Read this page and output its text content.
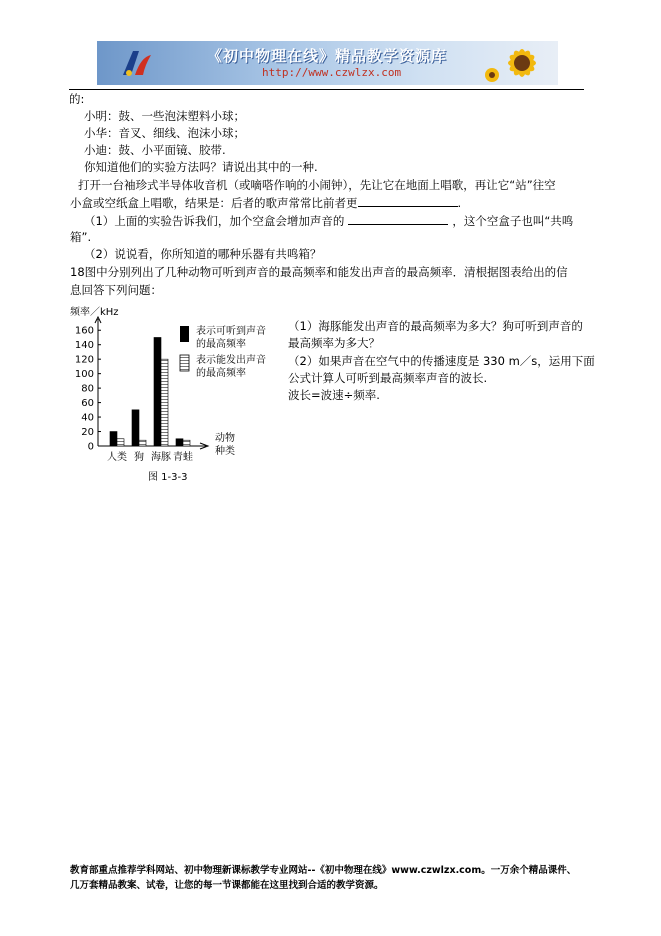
《初中物理在线》精品教学资源库
http://www.czwlzx.com
的:
小明：鼓、一些泡沫塑料小球；
小华：音叉、细线、泡沫小球；
小迪：鼓、小平面镜、胶带.
你知道他们的实验方法吗？请说出其中的一种.
打开一台袖珍式半导体收音机（或嘀嗒作响的小闹钟），先让它在地面上唱歌，再让它“站”往空
小盒或空纸盒上唱歌，结果是：后者的歌声常常比前者更	.
（1）上面的实验告诉我们，加个空盒会增加声音的	，这个空盒子也叫“共鸣
箱”.
（2）说说看，你所知道的哪种乐器有共鸣箱？
18图中分别列出了几种动物可听到声音的最高频率和能发出声音的最高频率．清根据图表给出的信
息回答下列问题：
频率／kHz
0
20
40
60
80
100
120
140
160
人类 狗 海豚 青蛙
动物
种类
表示可听到声音
的最高频率
表示能发出声音
的最高频率
图 1-3-3
（1）海豚能发出声音的最高频率为多大？狗可听到声音的
最高频率为多大？
（2）如果声音在空气中的传播速度是 330 m／s，运用下面
公式计算人可听到最高频率声音的波长.
波长=波速÷频率.
教育部重点推荐学科网站、初中物理新课标教学专业网站--《初中物理在线》www.czwlzx.com。一万余个精品课件、
几万套精品教案、试卷，让您的每一节课都能在这里找到合适的教学资源。
